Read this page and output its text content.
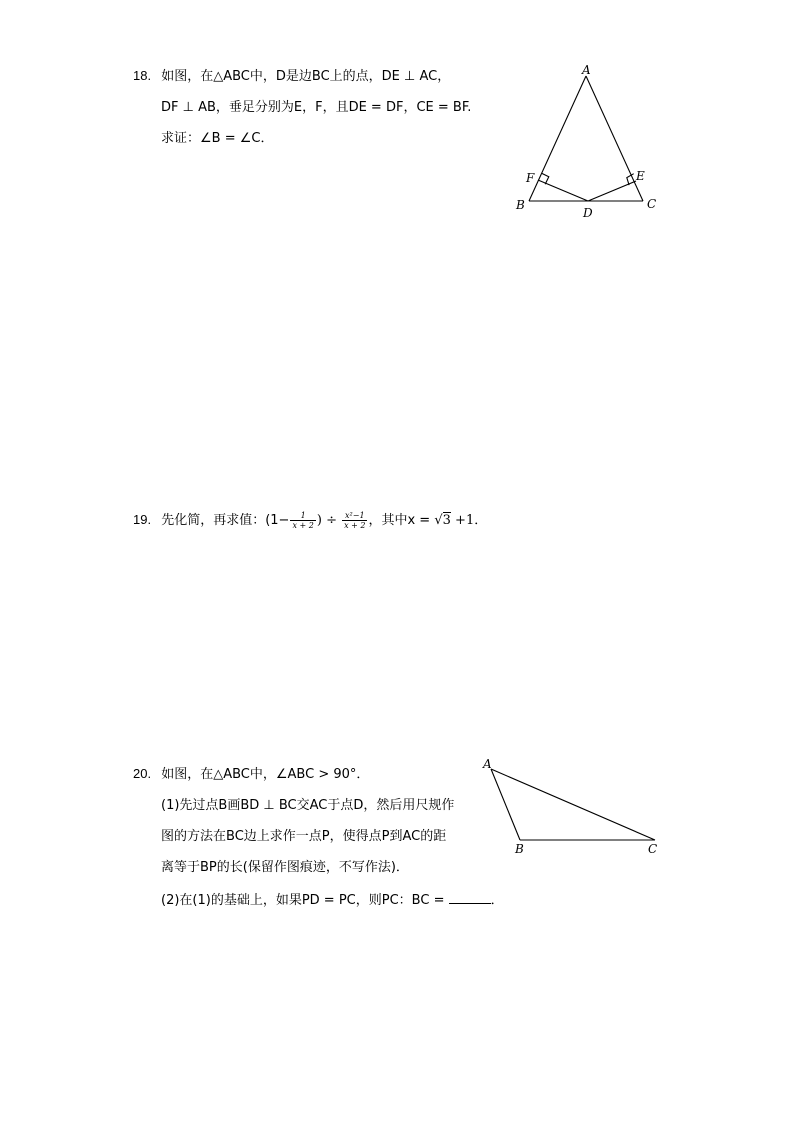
18. 如图，在△ABC中，D是边BC上的点，DE ⊥ AC，
DF ⊥ AB，垂足分别为E，F，且DE = DF，CE = BF.
求证：∠B = ∠C．
A
B	C
D
E
F
19. 先化简，再求值：($1- \frac{1}{x + 2}$ ) ÷ $\frac{\text{x²−1}}{x + 2}$ ，其中x = √3 +1．
20. 如图，在△ABC中，∠ABC > 90°．
(1)先过点B画BD ⊥ BC交AC于点D，然后用尺规作
图的方法在BC边上求作一点P，使得点P到AC的距
离等于BP的长(保留作图痕迹，不写作法)．
(2)在(1)的基础上，如果PD = PC，则PC：BC =	．
A
B	C
